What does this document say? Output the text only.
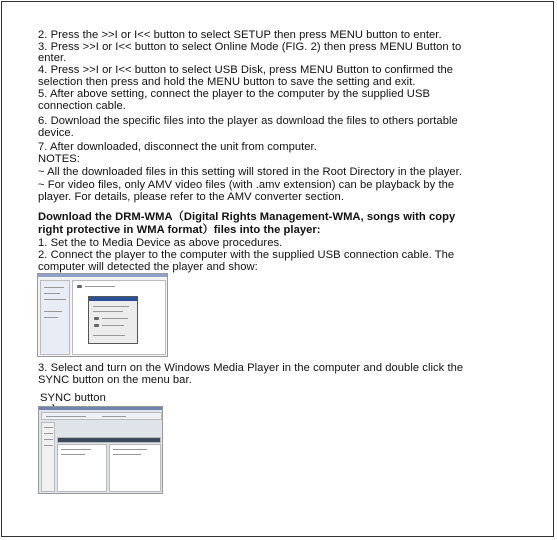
2. Press the >>I or I<< button to select SETUP then press MENU button to enter.
3. Press >>I or I<< button to select Online Mode (FIG. 2) then press MENU Button to
enter.
4. Press >>I or I<< button to select USB Disk, press MENU Button to confirmed the
selection then press and hold the MENU button to save the setting and exit.
5. After above setting, connect the player to the computer by the supplied USB
connection cable.
6. Download the specific files into the player as download the files to others portable
device.
7. After downloaded, disconnect the unit from computer.
NOTES:
~ All the downloaded files in this setting will stored in the Root Directory in the player.
~ For video files, only AMV video files (with .amv extension) can be playback by the
player. For details, please refer to the AMV converter section.
Download the DRM-WMA（Digital Rights Management-WMA, songs with copy
right protective in WMA format）files into the player:
1. Set the to Media Device as above procedures.
2. Connect the player to the computer with the supplied USB connection cable. The
computer will detected the player and show:
3. Select and turn on the Windows Media Player in the computer and double click the
SYNC button on the menu bar.
SYNC button
